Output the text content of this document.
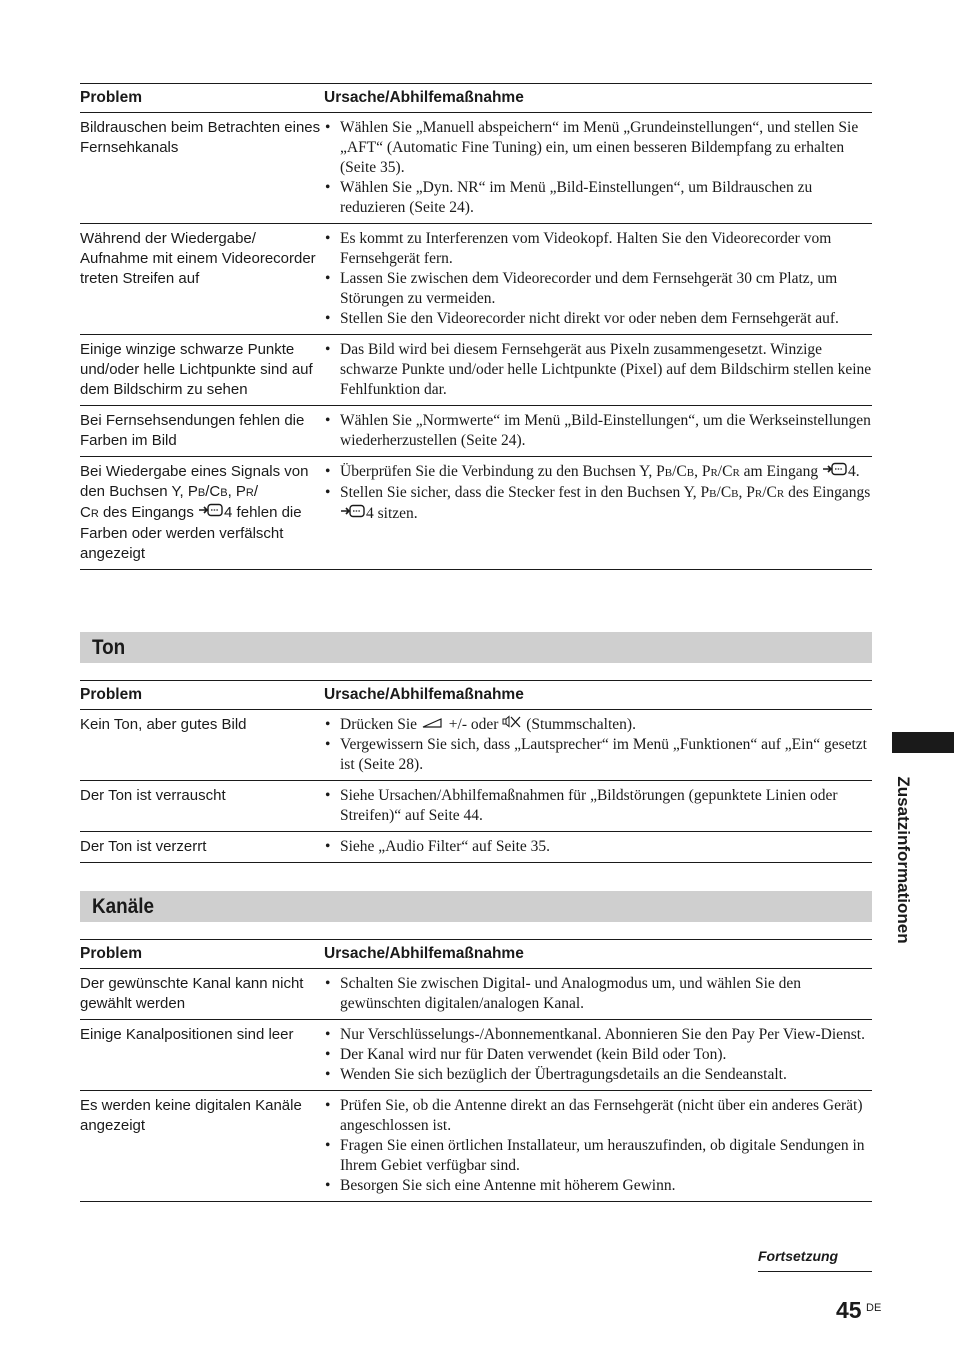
Problem	Ursache/Abhilfemaßnahme
Bildrauschen beim Betrachten eines Fernsehkanals
• Wählen Sie „Manuell abspeichern“ im Menü „Grundeinstellungen“, und stellen Sie „AFT“ (Automatic Fine Tuning) ein, um einen besseren Bildempfang zu erhalten (Seite 35).
• Wählen Sie „Dyn. NR“ im Menü „Bild-Einstellungen“, um Bildrauschen zu reduzieren (Seite 24).
Während der Wiedergabe/ Aufnahme mit einem Videorecorder treten Streifen auf
• Es kommt zu Interferenzen vom Videokopf. Halten Sie den Videorecorder vom Fernsehgerät fern.
• Lassen Sie zwischen dem Videorecorder und dem Fernsehgerät 30 cm Platz, um Störungen zu vermeiden.
• Stellen Sie den Videorecorder nicht direkt vor oder neben dem Fernsehgerät auf.
Einige winzige schwarze Punkte und/oder helle Lichtpunkte sind auf dem Bildschirm zu sehen
• Das Bild wird bei diesem Fernsehgerät aus Pixeln zusammengesetzt. Winzige schwarze Punkte und/oder helle Lichtpunkte (Pixel) auf dem Bildschirm stellen keine Fehlfunktion dar.
Bei Fernsehsendungen fehlen die Farben im Bild
• Wählen Sie „Normwerte“ im Menü „Bild-Einstellungen“, um die Werkseinstellungen wiederherzustellen (Seite 24).
Bei Wiedergabe eines Signals von den Buchsen Y, PB/CB, PR/
CR des Eingangs 4 fehlen die Farben oder werden verfälscht angezeigt
• Überprüfen Sie die Verbindung zu den Buchsen Y, PB/CB, PR/CR am Eingang 4.
• Stellen Sie sicher, dass die Stecker fest in den Buchsen Y, PB/CB, PR/CR des Eingangs 4 sitzen.
Ton
Problem	Ursache/Abhilfemaßnahme
Kein Ton, aber gutes Bild	• Drücken Sie  +/- oder  (Stummschalten).
• Vergewissern Sie sich, dass „Lautsprecher“ im Menü „Funktionen“ auf „Ein“ gesetzt ist (Seite 28).
Der Ton ist verrauscht	• Siehe Ursachen/Abhilfemaßnahmen für „Bildstörungen (gepunktete Linien oder Streifen)“ auf Seite 44.
Der Ton ist verzerrt	• Siehe „Audio Filter“ auf Seite 35.
Kanäle
Problem	Ursache/Abhilfemaßnahme
Der gewünschte Kanal kann nicht gewählt werden
• Schalten Sie zwischen Digital- und Analogmodus um, und wählen Sie den gewünschten digitalen/analogen Kanal.
Einige Kanalpositionen sind leer	• Nur Verschlüsselungs-/Abonnementkanal. Abonnieren Sie den Pay Per View-Dienst.
• Der Kanal wird nur für Daten verwendet (kein Bild oder Ton).
• Wenden Sie sich bezüglich der Übertragungsdetails an die Sendeanstalt.
Es werden keine digitalen Kanäle angezeigt
• Prüfen Sie, ob die Antenne direkt an das Fernsehgerät (nicht über ein anderes Gerät) angeschlossen ist.
• Fragen Sie einen örtlichen Installateur, um herauszufinden, ob digitale Sendungen in Ihrem Gebiet verfügbar sind.
• Besorgen Sie sich eine Antenne mit höherem Gewinn.
Zusatzinformationen
Fortsetzung
45 DE
